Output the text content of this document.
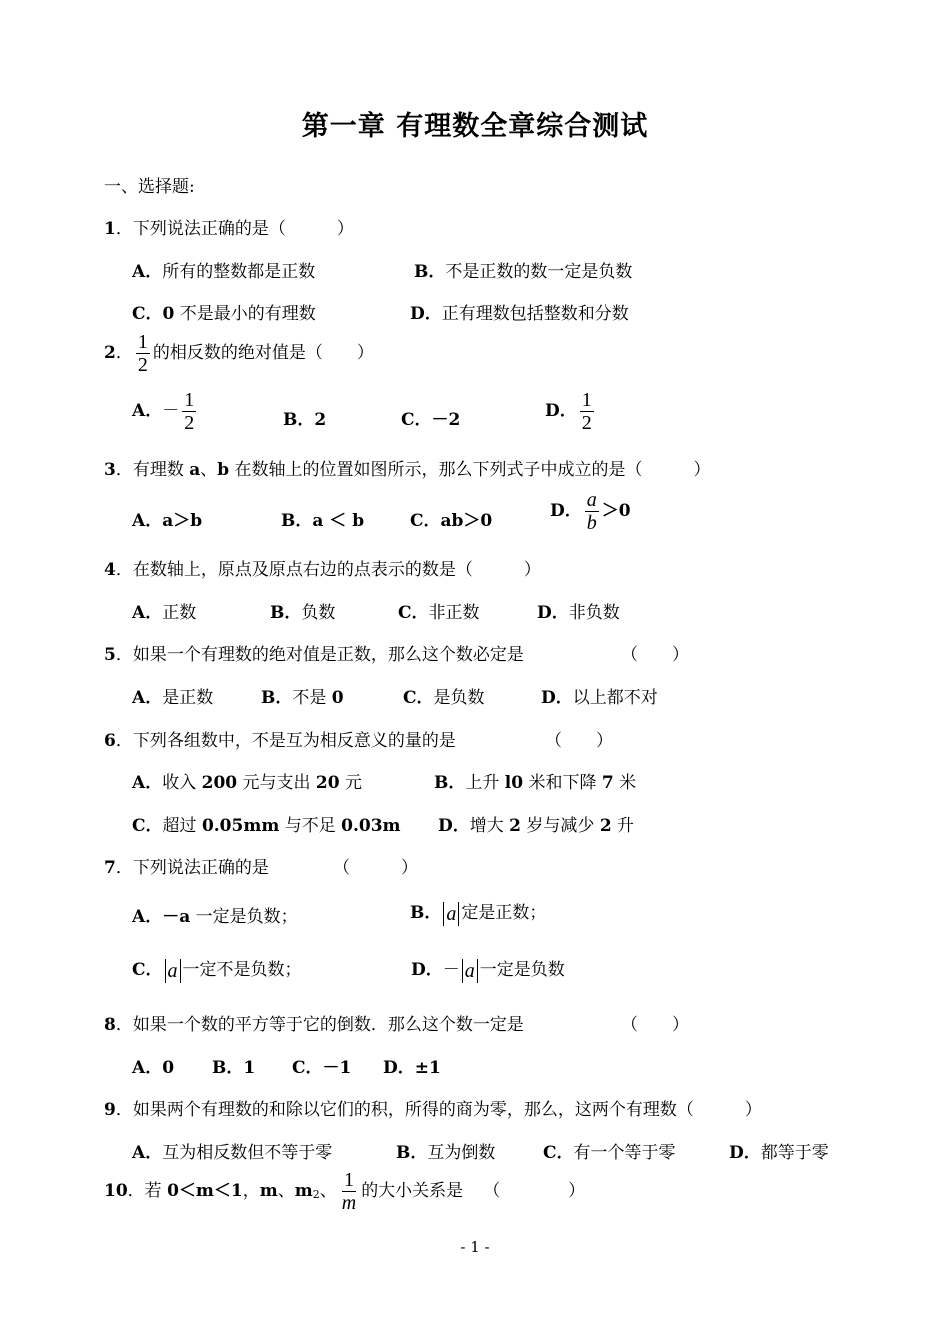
第一章 有理数全章综合测试
一、选择题:
1．下列说法正确的是（　　　）
A．所有的整数都是正数	B．不是正数的数一定是负数
C．0 不是最小的有理数	D．正有理数包括整数和分数
2． $\frac{1}{2}$ 的相反数的绝对值是（　　）
A．－ $\frac{1}{2}$	B．2	C．－2	D． $\frac{1}{2}$
3．有理数 a、b 在数轴上的位置如图所示，那么下列式子中成立的是（　　　）
A．a＞b	B．a ＜ b	C．ab＞0	D． $\frac{a}{b} >0$
4．在数轴上，原点及原点右边的点表示的数是（　　　）
A．正数	B．负数	C．非正数	D．非负数
5．如果一个有理数的绝对值是正数，那么这个数必定是	（　　）
A．是正数	B．不是 0	C．是负数	D．以上都不对
6．下列各组数中，不是互为相反意义的量的是	（　　）
A．收入 200 元与支出 20 元	B．上升 l0 米和下降 7 米
C．超过 0.05mm 与不足 0.03m D．增大 2 岁与减少 2 升
7．下列说法正确的是	（　　　）
A．－a 一定是负数；	B． a 定是正数；
C． a 一定不是负数；	D．－ a 一定是负数
8．如果一个数的平方等于它的倒数．那么这个数一定是	（　　）
A．0 B．1 C．－1 D．±1
9．如果两个有理数的和除以它们的积，所得的商为零，那么，这两个有理数（　　　）
A．互为相反数但不等于零	B．互为倒数	C．有一个等于零	D．都等于零
10．若 0＜m＜1，m、m2、 $\frac{1}{m}$ 的大小关系是 （　　　　）
- 1 -
